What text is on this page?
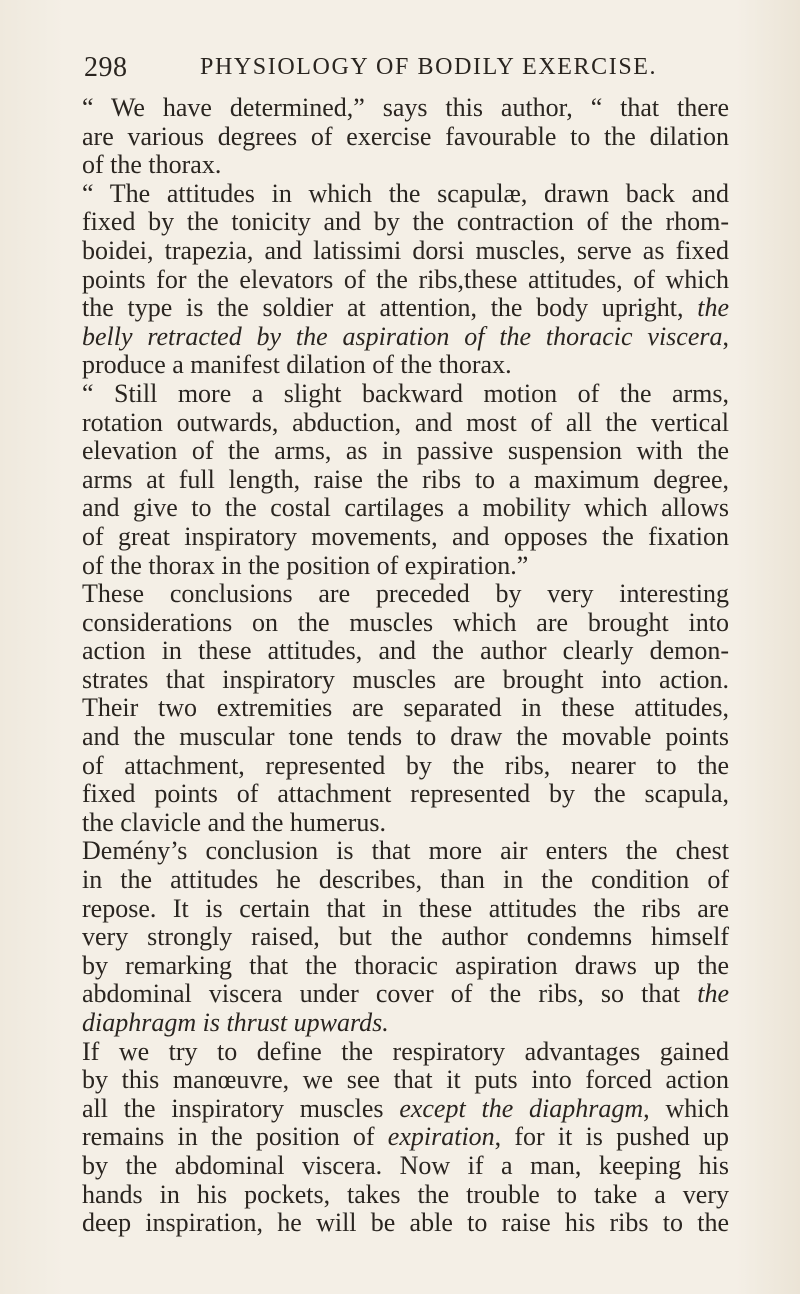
298	PHYSIOLOGY OF BODILY EXERCISE.
“ We have determined,” says this author, “ that there
are various degrees of exercise favourable to the dilation
of the thorax.
“ The attitudes in which the scapulæ, drawn back and
fixed by the tonicity and by the contraction of the rhom-
boidei, trapezia, and latissimi dorsi muscles, serve as fixed
points for the elevators of the ribs,these attitudes, of which
the type is the soldier at attention, the body upright, the
belly retracted by the aspiration of the thoracic viscera,
produce a manifest dilation of the thorax.
“ Still more a slight backward motion of the arms,
rotation outwards, abduction, and most of all the vertical
elevation of the arms, as in passive suspension with the
arms at full length, raise the ribs to a maximum degree,
and give to the costal cartilages a mobility which allows
of great inspiratory movements, and opposes the fixation
of the thorax in the position of expiration.”
These conclusions are preceded by very interesting
considerations on the muscles which are brought into
action in these attitudes, and the author clearly demon-
strates that inspiratory muscles are brought into action.
Their two extremities are separated in these attitudes,
and the muscular tone tends to draw the movable points
of attachment, represented by the ribs, nearer to the
fixed points of attachment represented by the scapula,
the clavicle and the humerus.
Demény’s conclusion is that more air enters the chest
in the attitudes he describes, than in the condition of
repose. It is certain that in these attitudes the ribs are
very strongly raised, but the author condemns himself
by remarking that the thoracic aspiration draws up the
abdominal viscera under cover of the ribs, so that the
diaphragm is thrust upwards.
If we try to define the respiratory advantages gained
by this manœuvre, we see that it puts into forced action
all the inspiratory muscles except the diaphragm, which
remains in the position of expiration, for it is pushed up
by the abdominal viscera. Now if a man, keeping his
hands in his pockets, takes the trouble to take a very
deep inspiration, he will be able to raise his ribs to the
